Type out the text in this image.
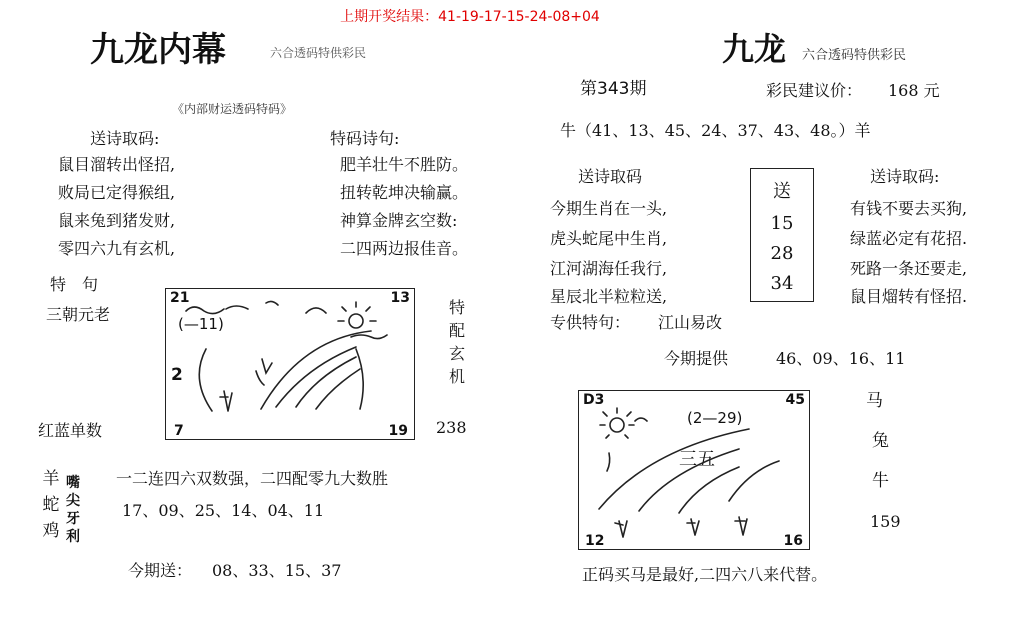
上期开奖结果：41-19-17-15-24-08+04
九龙内幕	六合透码特供彩民
《内部财运透码特码》
送诗取码:
鼠目溜转出怪招,
败局已定得猴组,
鼠来兔到猪发财,
零四六九有玄机,
特码诗句:
肥羊壮牛不胜防。
扭转乾坤决输赢。
神算金牌玄空数:
二四两边报佳音。
特　句
三朝元老	特配玄机
红蓝单数	238
21	13
2
7	19
(—11)
羊蛇鸡
嘴尖牙利
一二连四六双数强，二四配零九大数胜
17、09、25、14、04、11
今期送： 08、33、15、37
九龙 六合透码特供彩民
第343期	彩民建议价： 168 元
牛（41、13、45、24、37、43、48。）羊
送诗取码
今期生肖在一头,
虎头蛇尾中生肖,
江河湖海任我行,
星辰北半粒粒送,
专供特句： 江山易改
送
15
28
34
送诗取码:
有钱不要去买狗,
绿蓝必定有花招.
死路一条还要走,
鼠目熘转有怪招.
今期提供	46、09、16、11
D3	45
12	16
(2—29)
三五
马
兔
牛
159
正码买马是最好,二四六八来代替。
